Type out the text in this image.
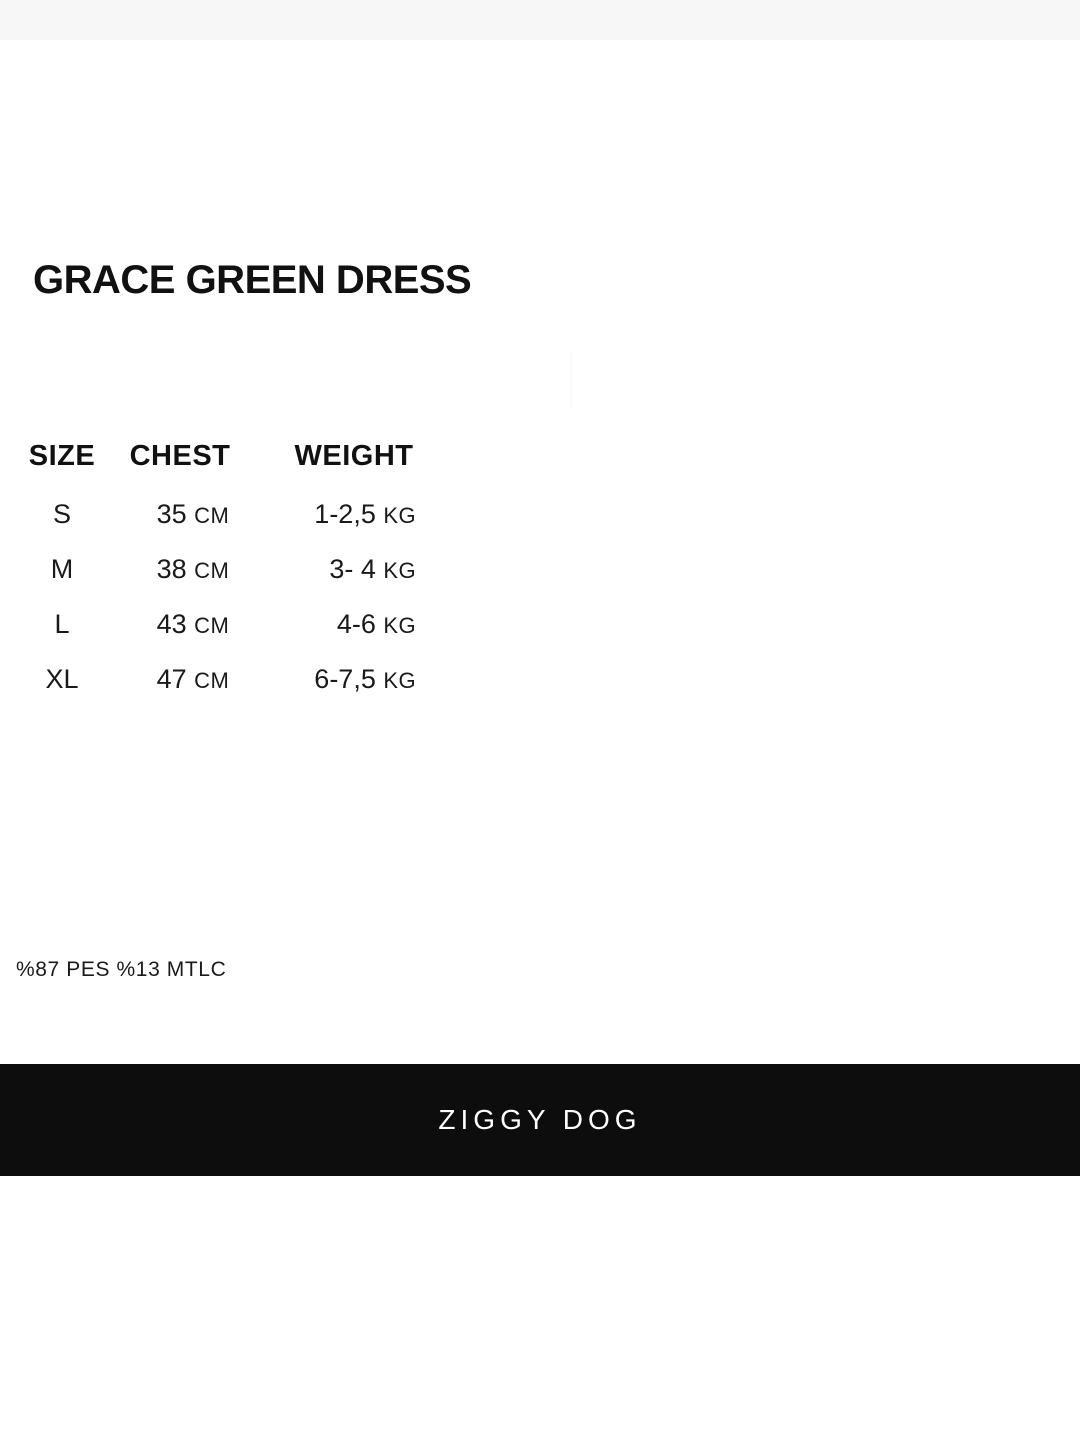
GRACE GREEN DRESS
SIZE	CHEST	WEIGHT
S	35 CM	1-2,5 KG
M	38 CM	3- 4 KG
L	43 CM	4-6 KG
XL	47 CM	6-7,5 KG
%87 PES %13 MTLC
ZIGGY DOG
